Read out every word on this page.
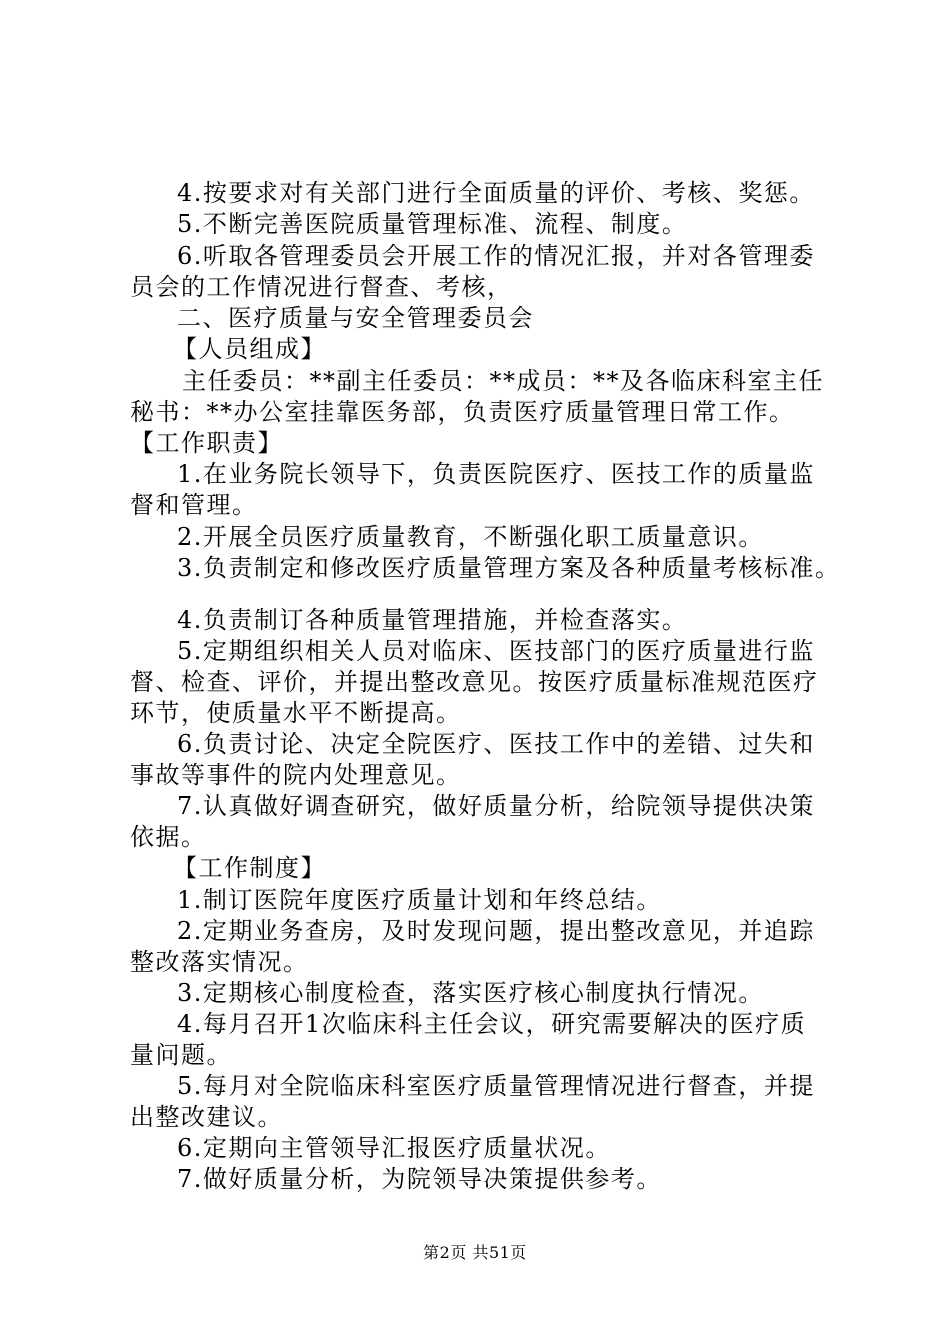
4.按要求对有关部门进行全面质量的评价、考核、奖惩。
5.不断完善医院质量管理标准、流程、制度。
6.听取各管理委员会开展工作的情况汇报，并对各管理委
员会的工作情况进行督查、考核，
二、医疗质量与安全管理委员会
【人员组成】
主任委员：**副主任委员：**成员：**及各临床科室主任
秘书：**办公室挂靠医务部，负责医疗质量管理日常工作。
【工作职责】
1.在业务院长领导下，负责医院医疗、医技工作的质量监
督和管理。
2.开展全员医疗质量教育，不断强化职工质量意识。
3.负责制定和修改医疗质量管理方案及各种质量考核标准。
4.负责制订各种质量管理措施，并检查落实。
5.定期组织相关人员对临床、医技部门的医疗质量进行监
督、检查、评价，并提出整改意见。按医疗质量标准规范医疗
环节，使质量水平不断提高。
6.负责讨论、决定全院医疗、医技工作中的差错、过失和
事故等事件的院内处理意见。
7.认真做好调查研究，做好质量分析，给院领导提供决策
依据。
【工作制度】
1.制订医院年度医疗质量计划和年终总结。
2.定期业务查房，及时发现问题，提出整改意见，并追踪
整改落实情况。
3.定期核心制度检查，落实医疗核心制度执行情况。
4.每月召开1次临床科主任会议，研究需要解决的医疗质
量问题。
5.每月对全院临床科室医疗质量管理情况进行督查，并提
出整改建议。
6.定期向主管领导汇报医疗质量状况。
7.做好质量分析，为院领导决策提供参考。
第2页 共51页
